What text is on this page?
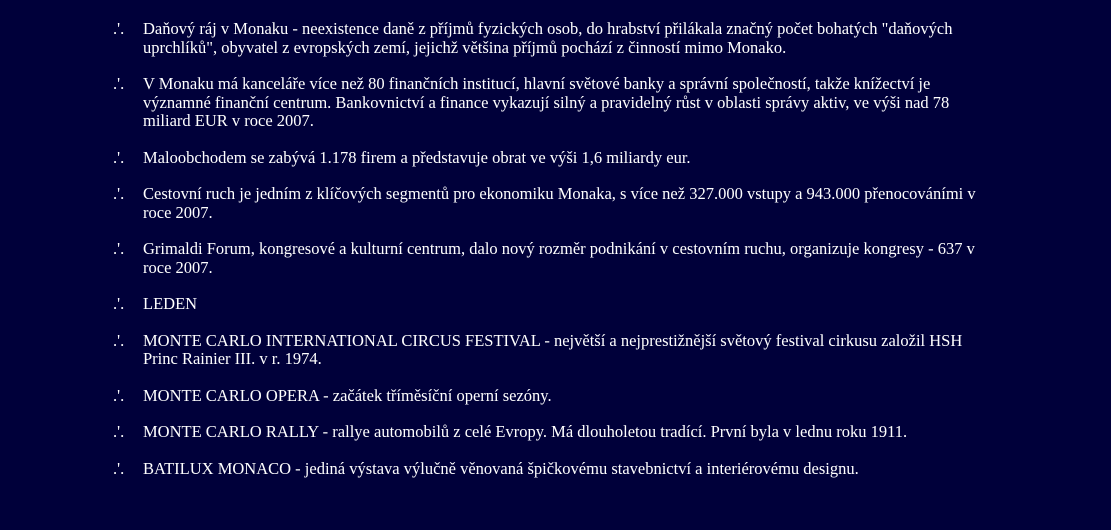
.'.	Daňový ráj v Monaku - neexistence daně z příjmů fyzických osob, do hrabství přilákala značný počet bohatých "daňových uprchlíků", obyvatel z evropských zemí, jejichž většina příjmů pochází z činností mimo Monako.
.'.	V Monaku má kanceláře více než 80 finančních institucí, hlavní světové banky a správní společností, takže knížectví je významné finanční centrum. Bankovnictví a finance vykazují silný a pravidelný růst v oblasti správy aktiv, ve výši nad 78 miliard EUR v roce 2007.
.'.	Maloobchodem se zabývá 1.178 firem a představuje obrat ve výši 1,6 miliardy eur.
.'.	Cestovní ruch je jedním z klíčových segmentů pro ekonomiku Monaka, s více než 327.000 vstupy a 943.000 přenocováními v roce 2007.
.'.	Grimaldi Forum, kongresové a kulturní centrum, dalo nový rozměr podnikání v cestovním ruchu, organizuje kongresy - 637 v roce 2007.
.'.	LEDEN
.'.	MONTE CARLO INTERNATIONAL CIRCUS FESTIVAL - největší a nejprestižnější světový festival cirkusu založil HSH Princ Rainier III. v r. 1974.
.'.	MONTE CARLO OPERA - začátek tříměsíční operní sezóny.
.'.	MONTE CARLO RALLY - rallye automobilů z celé Evropy. Má dlouholetou tradící. První byla v lednu roku 1911.
.'.	BATILUX MONACO - jediná výstava výlučně věnovaná špičkovému stavebnictví a interiérovému designu.
